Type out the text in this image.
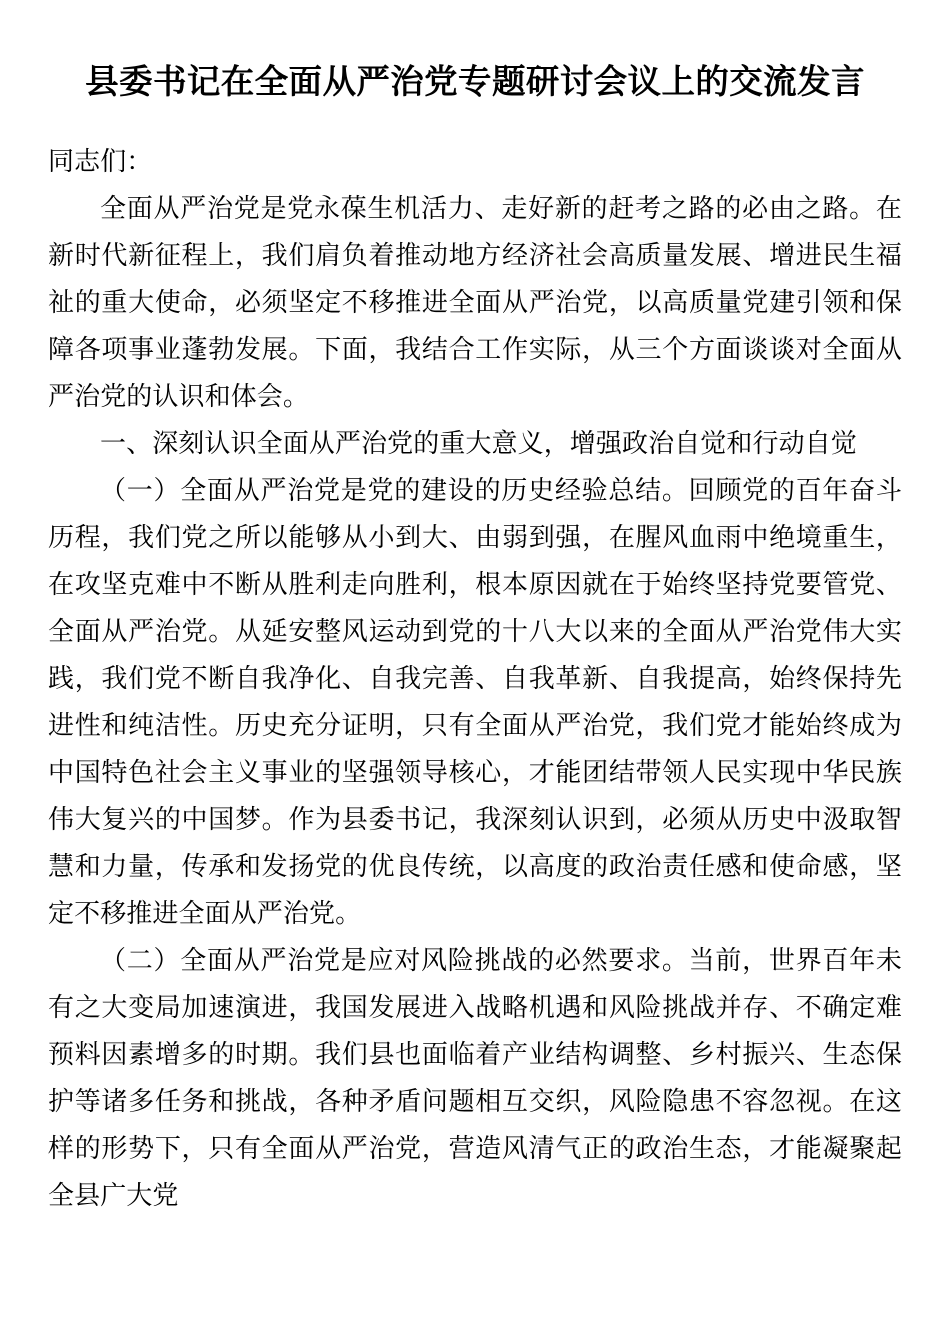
县委书记在全面从严治党专题研讨会议上的交流发言

同志们：

全面从严治党是党永葆生机活力、走好新的赶考之路的必由之路。在新时代新征程上，我们肩负着推动地方经济社会高质量发展、增进民生福祉的重大使命，必须坚定不移推进全面从严治党，以高质量党建引领和保障各项事业蓬勃发展。下面，我结合工作实际，从三个方面谈谈对全面从严治党的认识和体会。

一、深刻认识全面从严治党的重大意义，增强政治自觉和行动自觉

（一）全面从严治党是党的建设的历史经验总结。回顾党的百年奋斗历程，我们党之所以能够从小到大、由弱到强，在腥风血雨中绝境重生，在攻坚克难中不断从胜利走向胜利，根本原因就在于始终坚持党要管党、全面从严治党。从延安整风运动到党的十八大以来的全面从严治党伟大实践，我们党不断自我净化、自我完善、自我革新、自我提高，始终保持先进性和纯洁性。历史充分证明，只有全面从严治党，我们党才能始终成为中国特色社会主义事业的坚强领导核心，才能团结带领人民实现中华民族伟大复兴的中国梦。作为县委书记，我深刻认识到，必须从历史中汲取智慧和力量，传承和发扬党的优良传统，以高度的政治责任感和使命感，坚定不移推进全面从严治党。

（二）全面从严治党是应对风险挑战的必然要求。当前，世界百年未有之大变局加速演进，我国发展进入战略机遇和风险挑战并存、不确定难预料因素增多的时期。我们县也面临着产业结构调整、乡村振兴、生态保护等诸多任务和挑战，各种矛盾问题相互交织，风险隐患不容忽视。在这样的形势下，只有全面从严治党，营造风清气正的政治生态，才能凝聚起全县广大党
